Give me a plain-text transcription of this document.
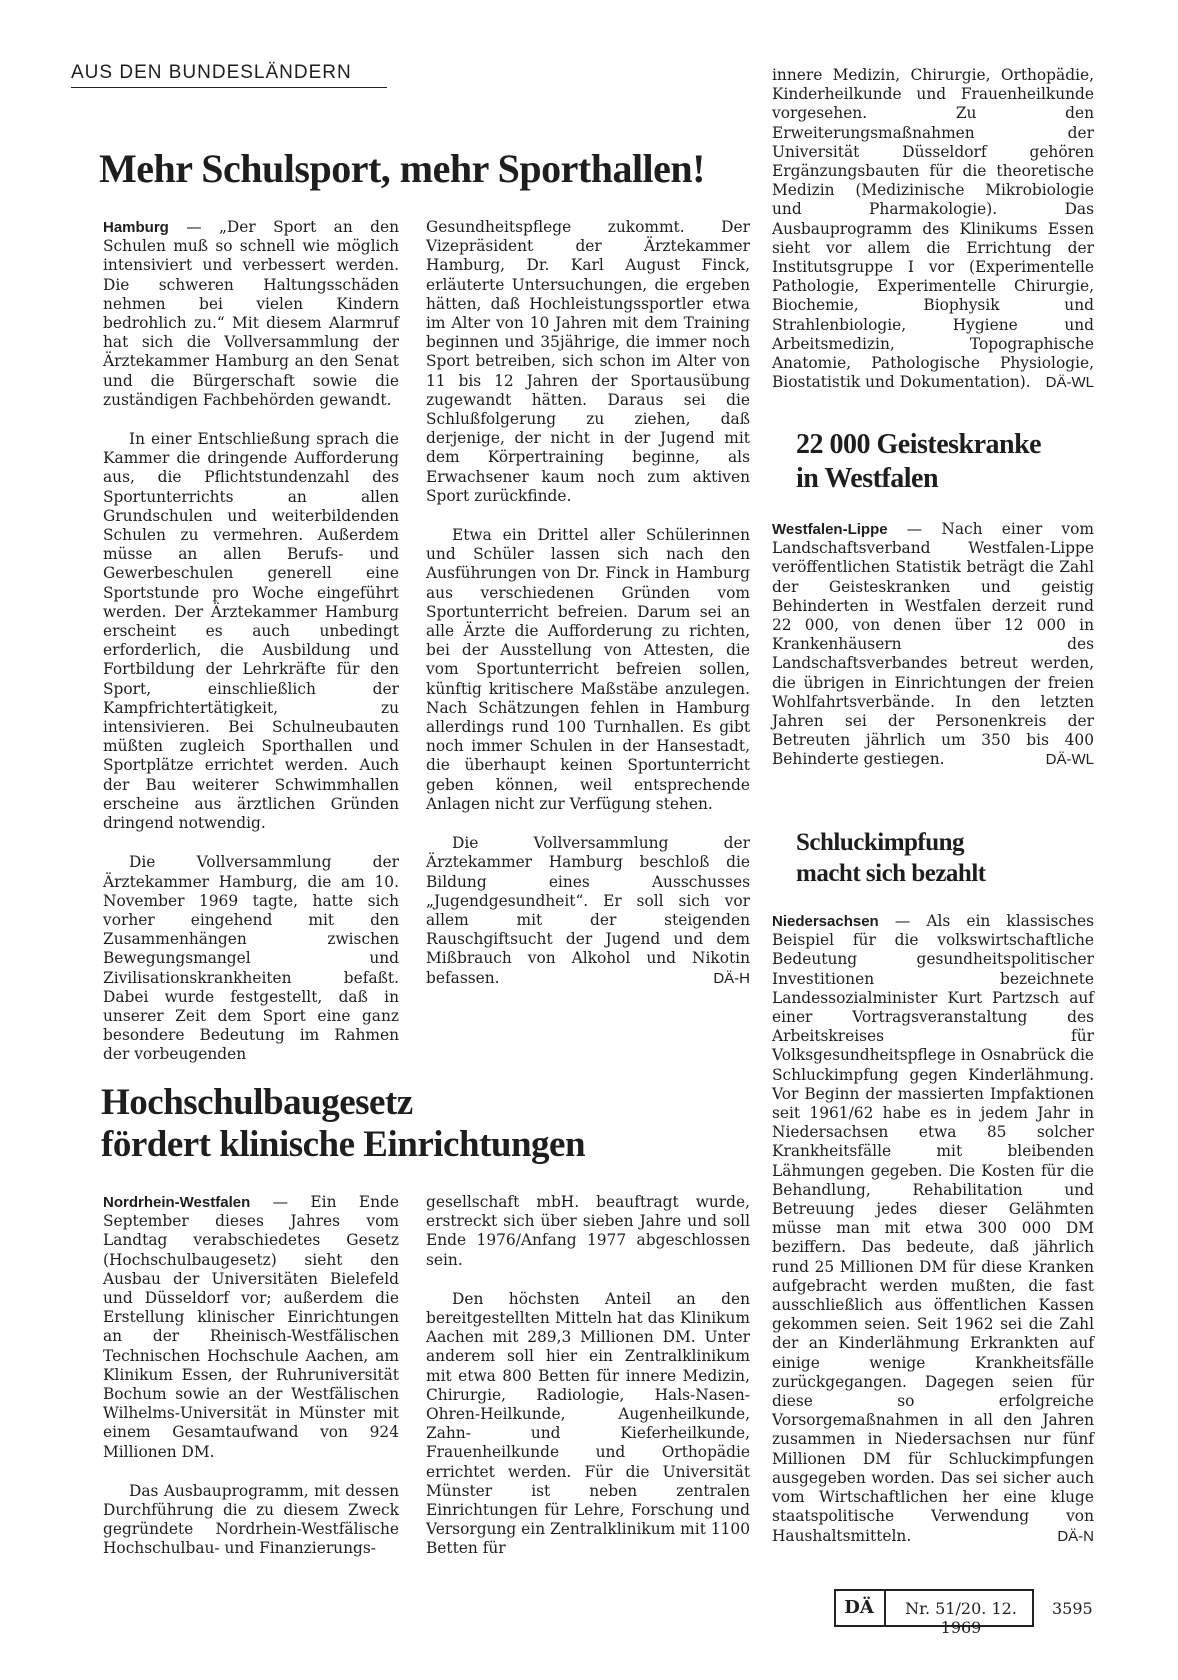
AUS DEN BUNDESLÄNDERN
Mehr Schulsport, mehr Sporthallen!

Hamburg — „Der Sport an den Schulen muß so schnell wie möglich intensiviert und verbessert werden. Die schweren Haltungsschäden nehmen bei vielen Kindern bedrohlich zu.“ Mit diesem Alarmruf hat sich die Vollversammlung der Ärztekammer Hamburg an den Senat und die Bürgerschaft sowie die zuständigen Fachbehörden gewandt.

In einer Entschließung sprach die Kammer die dringende Aufforderung aus, die Pflichtstundenzahl des Sportunterrichts an allen Grundschulen und weiterbildenden Schulen zu vermehren. Außerdem müsse an allen Berufs- und Gewerbeschulen generell eine Sportstunde pro Woche eingeführt werden. Der Ärztekammer Hamburg erscheint es auch unbedingt erforderlich, die Ausbildung und Fortbildung der Lehrkräfte für den Sport, einschließlich der Kampfrichtertätigkeit, zu intensivieren. Bei Schulneubauten müßten zugleich Sporthallen und Sportplätze errichtet werden. Auch der Bau weiterer Schwimmhallen erscheine aus ärztlichen Gründen dringend notwendig.

Die Vollversammlung der Ärztekammer Hamburg, die am 10. November 1969 tagte, hatte sich vorher eingehend mit den Zusammenhängen zwischen Bewegungsmangel und Zivilisationskrankheiten befaßt. Dabei wurde festgestellt, daß in unserer Zeit dem Sport eine ganz besondere Bedeutung im Rahmen der vorbeugenden

Gesundheitspflege zukommt. Der Vizepräsident der Ärztekammer Hamburg, Dr. Karl August Finck, erläuterte Untersuchungen, die ergeben hätten, daß Hochleistungssportler etwa im Alter von 10 Jahren mit dem Training beginnen und 35jährige, die immer noch Sport betreiben, sich schon im Alter von 11 bis 12 Jahren der Sportausübung zugewandt hätten. Daraus sei die Schlußfolgerung zu ziehen, daß derjenige, der nicht in der Jugend mit dem Körpertraining beginne, als Erwachsener kaum noch zum aktiven Sport zurückfinde.

Etwa ein Drittel aller Schülerinnen und Schüler lassen sich nach den Ausführungen von Dr. Finck in Hamburg aus verschiedenen Gründen vom Sportunterricht befreien. Darum sei an alle Ärzte die Aufforderung zu richten, bei der Ausstellung von Attesten, die vom Sportunterricht befreien sollen, künftig kritischere Maßstäbe anzulegen. Nach Schätzungen fehlen in Hamburg allerdings rund 100 Turnhallen. Es gibt noch immer Schulen in der Hansestadt, die überhaupt keinen Sportunterricht geben können, weil entsprechende Anlagen nicht zur Verfügung stehen.

Die Vollversammlung der Ärztekammer Hamburg beschloß die Bildung eines Ausschusses „Jugendgesundheit“. Er soll sich vor allem mit der steigenden Rauschgiftsucht der Jugend und dem Mißbrauch von Alkohol und Nikotin befassen.	DÄ-H

Hochschulbaugesetz
fördert klinische Einrichtungen

Nordrhein-Westfalen — Ein Ende September dieses Jahres vom Landtag verabschiedetes Gesetz (Hochschulbaugesetz) sieht den Ausbau der Universitäten Bielefeld und Düsseldorf vor; außerdem die Erstellung klinischer Einrichtungen an der Rheinisch-Westfälischen Technischen Hochschule Aachen, am Klinikum Essen, der Ruhruniversität Bochum sowie an der Westfälischen Wilhelms-Universität in Münster mit einem Gesamtaufwand von 924 Millionen DM.

Das Ausbauprogramm, mit dessen Durchführung die zu diesem Zweck gegründete Nordrhein-Westfälische Hochschulbau- und Finanzierungs-

gesellschaft mbH. beauftragt wurde, erstreckt sich über sieben Jahre und soll Ende 1976/Anfang 1977 abgeschlossen sein.

Den höchsten Anteil an den bereitgestellten Mitteln hat das Klinikum Aachen mit 289,3 Millionen DM. Unter anderem soll hier ein Zentralklinikum mit etwa 800 Betten für innere Medizin, Chirurgie, Radiologie, Hals-Nasen-Ohren-Heilkunde, Augenheilkunde, Zahn- und Kieferheilkunde, Frauenheilkunde und Orthopädie errichtet werden. Für die Universität Münster ist neben zentralen Einrichtungen für Lehre, Forschung und Versorgung ein Zentralklinikum mit 1100 Betten für

innere Medizin, Chirurgie, Orthopädie, Kinderheilkunde und Frauenheilkunde vorgesehen. Zu den Erweiterungsmaßnahmen der Universität Düsseldorf gehören Ergänzungsbauten für die theoretische Medizin (Medizinische Mikrobiologie und Pharmakologie). Das Ausbauprogramm des Klinikums Essen sieht vor allem die Errichtung der Institutsgruppe I vor (Experimentelle Pathologie, Experimentelle Chirurgie, Biochemie, Biophysik und Strahlenbiologie, Hygiene und Arbeitsmedizin, Topographische Anatomie, Pathologische Physiologie, Biostatistik und Dokumentation). DÄ-WL

22 000 Geisteskranke
in Westfalen

Westfalen-Lippe — Nach einer vom Landschaftsverband Westfalen-Lippe veröffentlichen Statistik beträgt die Zahl der Geisteskranken und geistig Behinderten in Westfalen derzeit rund 22 000, von denen über 12 000 in Krankenhäusern des Landschaftsverbandes betreut werden, die übrigen in Einrichtungen der freien Wohlfahrtsverbände. In den letzten Jahren sei der Personenkreis der Betreuten jährlich um 350 bis 400 Behinderte gestiegen.	DÄ-WL

Schluckimpfung
macht sich bezahlt

Niedersachsen — Als ein klassisches Beispiel für die volkswirtschaftliche Bedeutung gesundheitspolitischer Investitionen bezeichnete Landessozialminister Kurt Partzsch auf einer Vortragsveranstaltung des Arbeitskreises für Volksgesundheitspflege in Osnabrück die Schluckimpfung gegen Kinderlähmung. Vor Beginn der massierten Impfaktionen seit 1961/62 habe es in jedem Jahr in Niedersachsen etwa 85 solcher Krankheitsfälle mit bleibenden Lähmungen gegeben. Die Kosten für die Behandlung, Rehabilitation und Betreuung jedes dieser Gelähmten müsse man mit etwa 300 000 DM beziffern. Das bedeute, daß jährlich rund 25 Millionen DM für diese Kranken aufgebracht werden mußten, die fast ausschließlich aus öffentlichen Kassen gekommen seien. Seit 1962 sei die Zahl der an Kinderlähmung Erkrankten auf einige wenige Krankheitsfälle zurückgegangen. Dagegen seien für diese so erfolgreiche Vorsorgemaßnahmen in all den Jahren zusammen in Niedersachsen nur fünf Millionen DM für Schluckimpfungen ausgegeben worden. Das sei sicher auch vom Wirtschaftlichen her eine kluge staatspolitische Verwendung von Haushaltsmitteln.	DÄ-N

DÄ	Nr. 51/20. 12. 1969
3595
